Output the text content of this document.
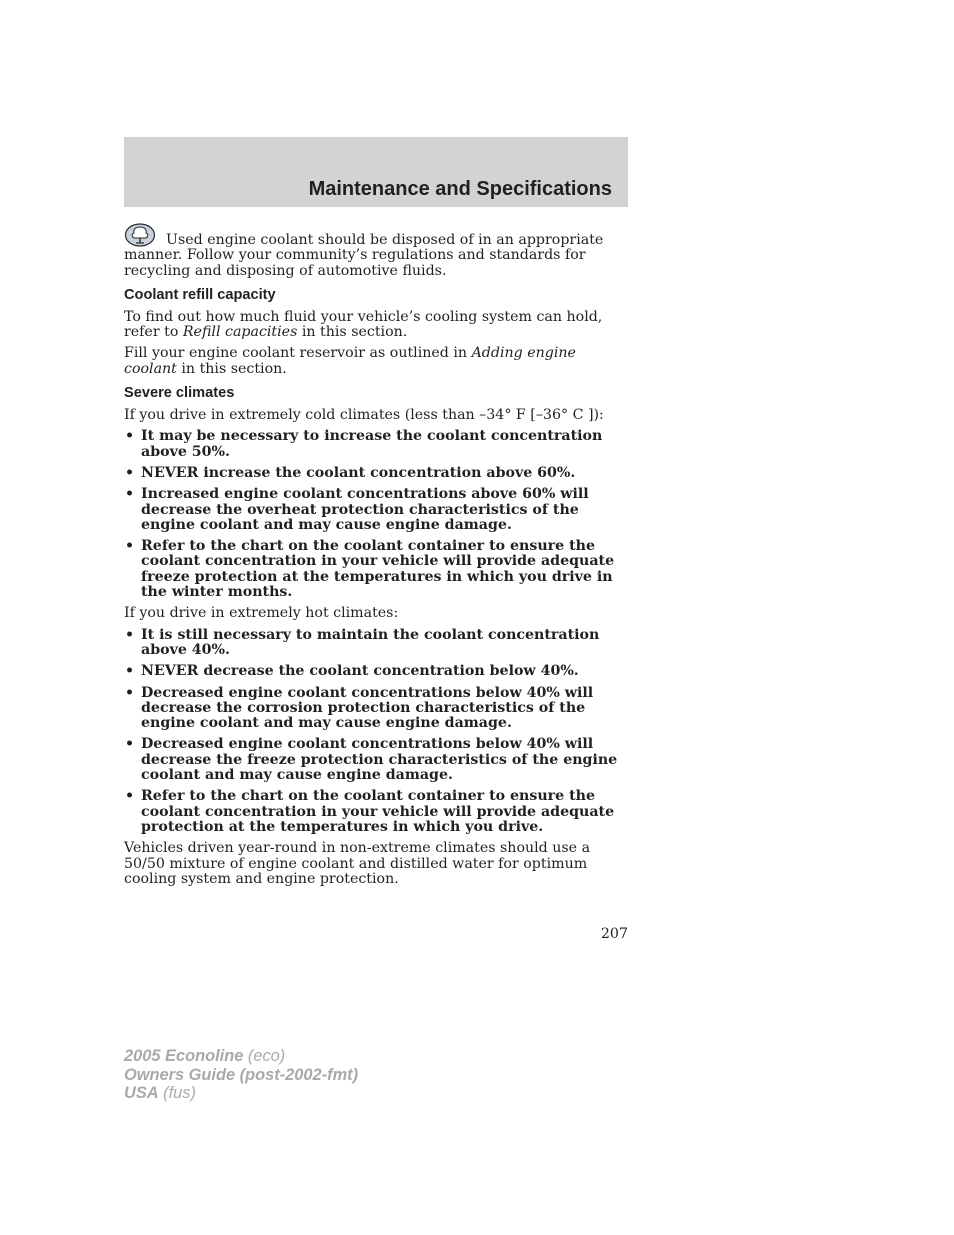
Maintenance and Specifications

Used engine coolant should be disposed of in an appropriate manner. Follow your community’s regulations and standards for recycling and disposing of automotive fluids.

Coolant refill capacity

To find out how much fluid your vehicle’s cooling system can hold, refer to Refill capacities in this section.

Fill your engine coolant reservoir as outlined in Adding engine coolant in this section.

Severe climates

If you drive in extremely cold climates (less than –34° F [–36° C ]):

• It may be necessary to increase the coolant concentration above 50%.
• NEVER increase the coolant concentration above 60%.
• Increased engine coolant concentrations above 60% will decrease the overheat protection characteristics of the engine coolant and may cause engine damage.
• Refer to the chart on the coolant container to ensure the coolant concentration in your vehicle will provide adequate freeze protection at the temperatures in which you drive in the winter months.

If you drive in extremely hot climates:

• It is still necessary to maintain the coolant concentration above 40%.
• NEVER decrease the coolant concentration below 40%.
• Decreased engine coolant concentrations below 40% will decrease the corrosion protection characteristics of the engine coolant and may cause engine damage.
• Decreased engine coolant concentrations below 40% will decrease the freeze protection characteristics of the engine coolant and may cause engine damage.
• Refer to the chart on the coolant container to ensure the coolant concentration in your vehicle will provide adequate protection at the temperatures in which you drive.

Vehicles driven year-round in non-extreme climates should use a 50/50 mixture of engine coolant and distilled water for optimum cooling system and engine protection.

207

2005 Econoline (eco)
Owners Guide (post-2002-fmt)
USA (fus)
